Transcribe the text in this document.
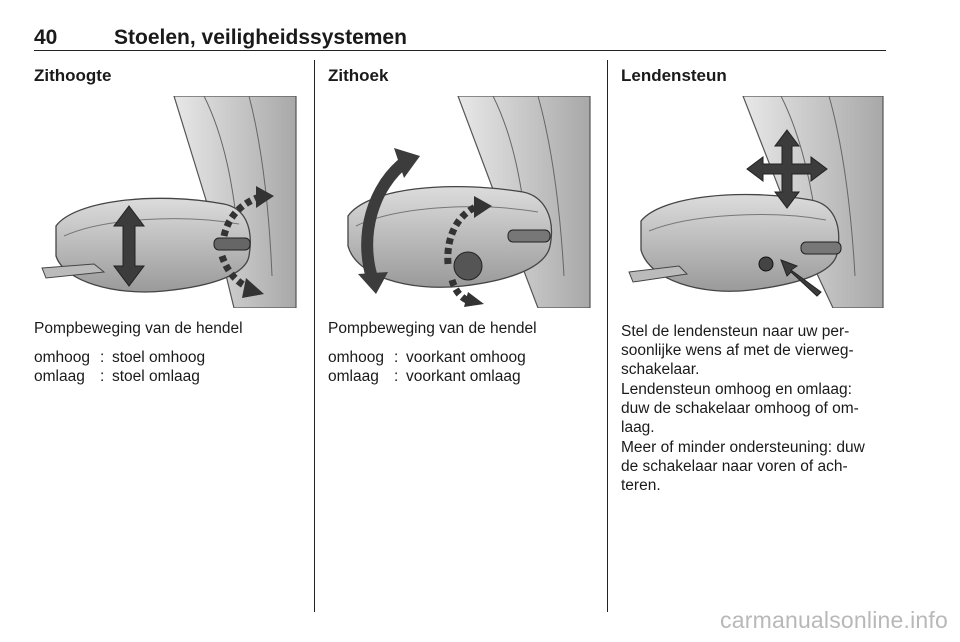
40	Stoelen, veiligheidssystemen
Zithoogte
Pompbeweging van de hendel
omhoog : stoel omhoog
omlaag : stoel omlaag
Zithoek
Pompbeweging van de hendel
omhoog : voorkant omhoog
omlaag : voorkant omlaag
Lendensteun

Stel de lendensteun naar uw per-
soonlijke wens af met de vierweg-
schakelaar.

Lendensteun omhoog en omlaag:
duw de schakelaar omhoog of om-
laag.

Meer of minder ondersteuning: duw
de schakelaar naar voren of ach-
teren.

carmanualsonline.info
